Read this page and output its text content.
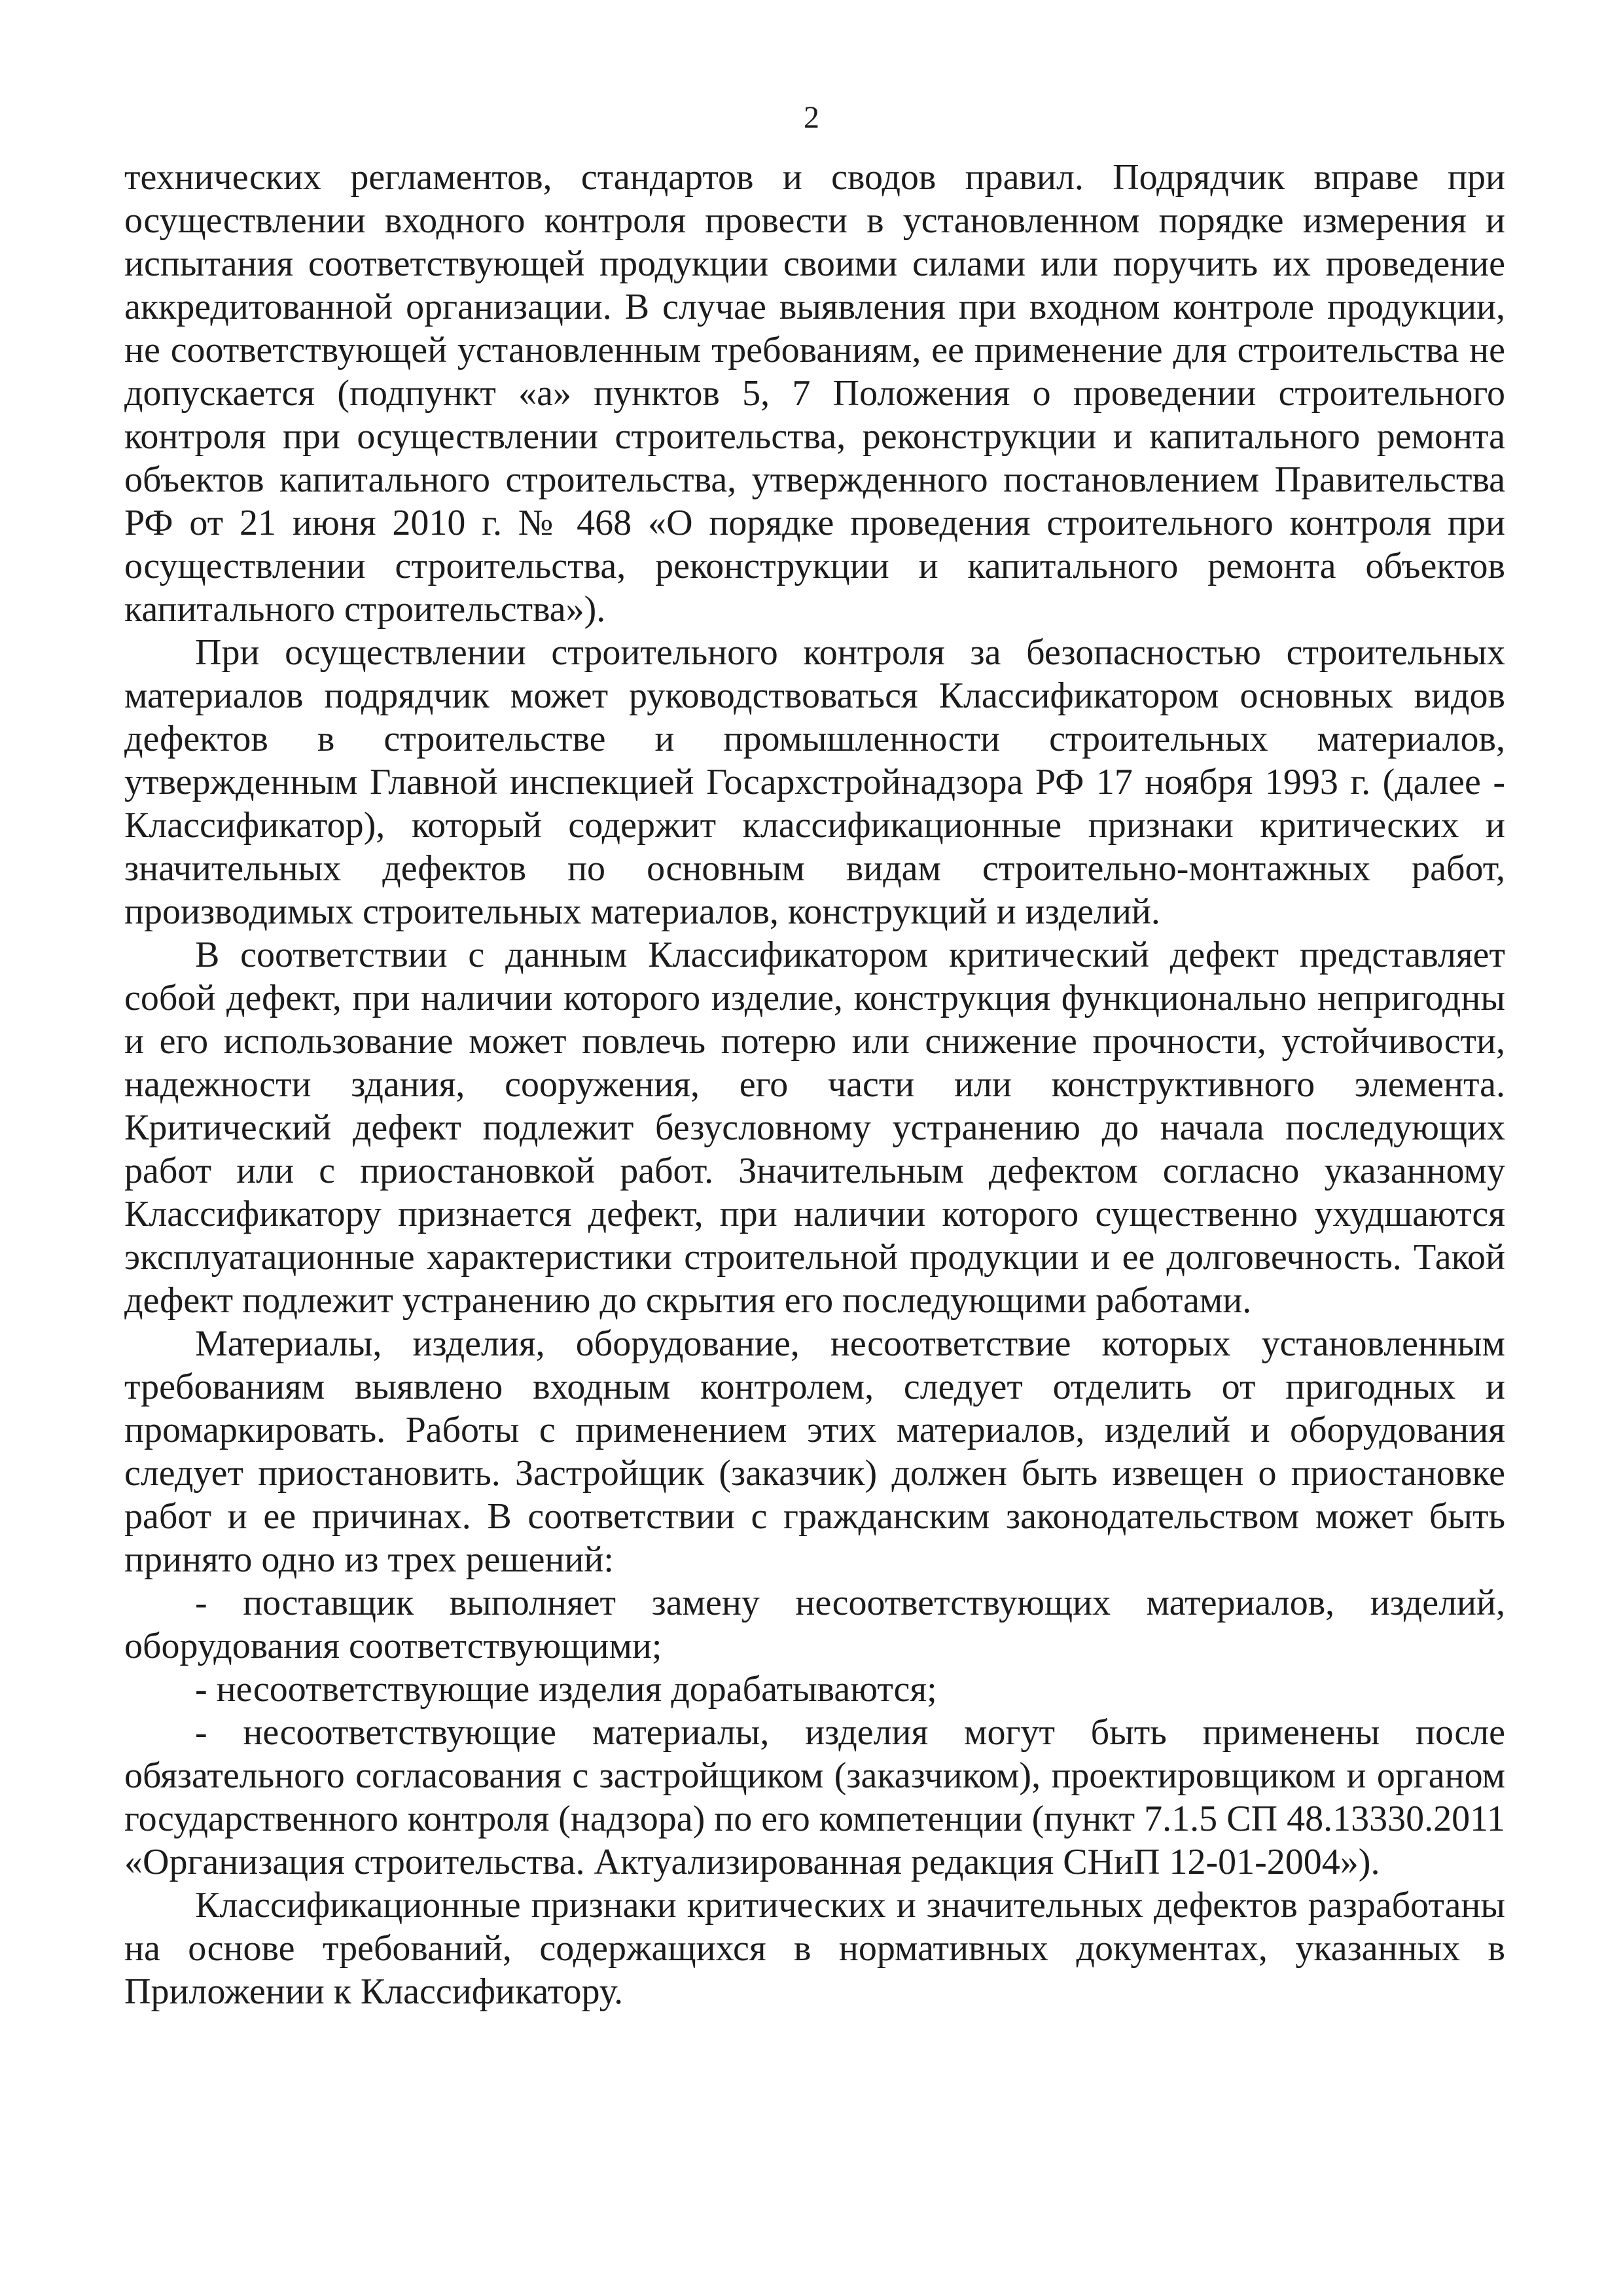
2

технических регламентов, стандартов и сводов правил. Подрядчик вправе при осуществлении входного контроля провести в установленном порядке измерения и испытания соответствующей продукции своими силами или поручить их проведение аккредитованной организации. В случае выявления при входном контроле продукции, не соответствующей установленным требованиям, ее применение для строительства не допускается (подпункт «а» пунктов 5, 7 Положения о проведении строительного контроля при осуществлении строительства, реконструкции и капитального ремонта объектов капитального строительства, утвержденного постановлением Правительства РФ от 21 июня 2010 г. № 468 «О порядке проведения строительного контроля при осуществлении строительства, реконструкции и капитального ремонта объектов капитального строительства»).

При осуществлении строительного контроля за безопасностью строительных материалов подрядчик может руководствоваться Классификатором основных видов дефектов в строительстве и промышленности строительных материалов, утвержденным Главной инспекцией Госархстройнадзора РФ 17 ноября 1993 г. (далее - Классификатор), который содержит классификационные признаки критических и значительных дефектов по основным видам строительно-монтажных работ, производимых строительных материалов, конструкций и изделий.

В соответствии с данным Классификатором критический дефект представляет собой дефект, при наличии которого изделие, конструкция функционально непригодны и его использование может повлечь потерю или снижение прочности, устойчивости, надежности здания, сооружения, его части или конструктивного элемента. Критический дефект подлежит безусловному устранению до начала последующих работ или с приостановкой работ. Значительным дефектом согласно указанному Классификатору признается дефект, при наличии которого существенно ухудшаются эксплуатационные характеристики строительной продукции и ее долговечность. Такой дефект подлежит устранению до скрытия его последующими работами.

Материалы, изделия, оборудование, несоответствие которых установленным требованиям выявлено входным контролем, следует отделить от пригодных и промаркировать. Работы с применением этих материалов, изделий и оборудования следует приостановить. Застройщик (заказчик) должен быть извещен о приостановке работ и ее причинах. В соответствии с гражданским законодательством может быть принято одно из трех решений:

- поставщик выполняет замену несоответствующих материалов, изделий, оборудования соответствующими;

- несоответствующие изделия дорабатываются;

- несоответствующие материалы, изделия могут быть применены после обязательного согласования с застройщиком (заказчиком), проектировщиком и органом государственного контроля (надзора) по его компетенции (пункт 7.1.5 СП 48.13330.2011 «Организация строительства. Актуализированная редакция СНиП 12-01-2004»).

Классификационные признаки критических и значительных дефектов разработаны на основе требований, содержащихся в нормативных документах, указанных в Приложении к Классификатору.
